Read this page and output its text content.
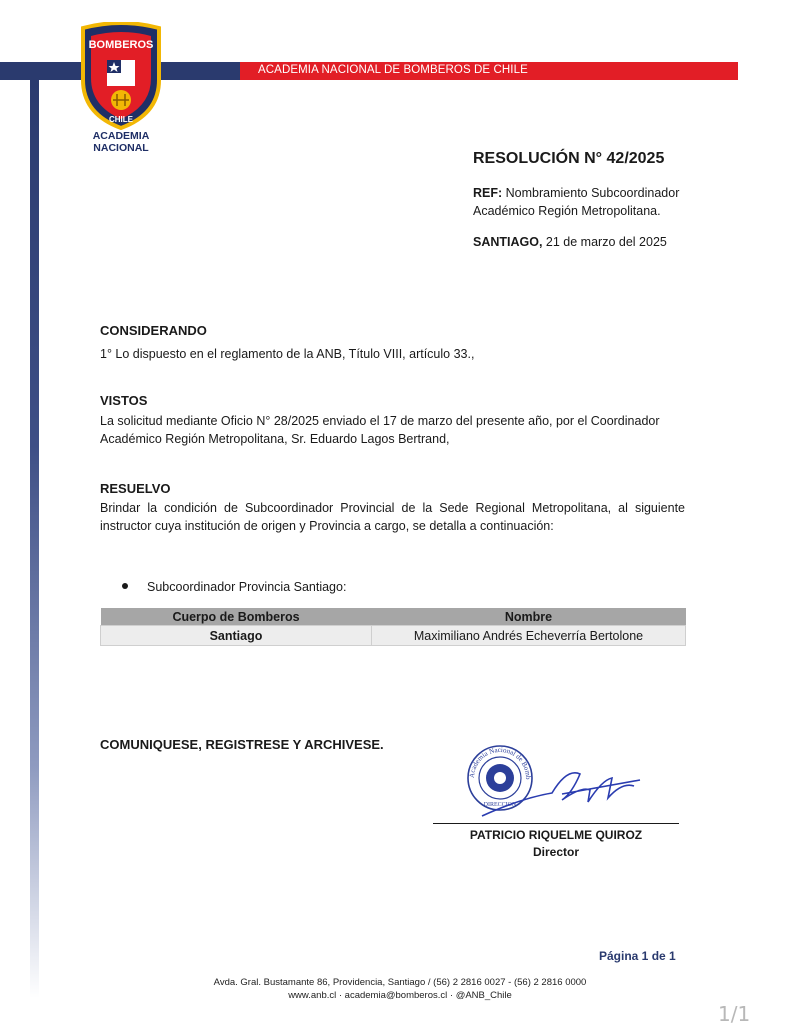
ACADEMIA NACIONAL DE BOMBEROS DE CHILE
BOMBEROS
CHILE
ACADEMIA NACIONAL
RESOLUCIÓN N° 42/2025
REF: Nombramiento Subcoordinador Académico Región Metropolitana.
SANTIAGO, 21 de marzo del 2025
CONSIDERANDO
1° Lo dispuesto en el reglamento de la ANB, Título VIII, artículo 33.,
VISTOS
La solicitud mediante Oficio N° 28/2025 enviado el 17 de marzo del presente año, por el Coordinador Académico Región Metropolitana, Sr. Eduardo Lagos Bertrand,
RESUELVO
Brindar la condición de Subcoordinador Provincial de la Sede Regional Metropolitana, al siguiente instructor cuya institución de origen y Provincia a cargo, se detalla a continuación:
Subcoordinador Provincia Santiago:
Cuerpo de Bomberos	Nombre
Santiago	Maximiliano Andrés Echeverría Bertolone
COMUNIQUESE, REGISTRESE Y ARCHIVESE.
Academia Nacional de Bomb
DIRECCION
PATRICIO RIQUELME QUIROZ
Director
Página 1 de 1
Avda. Gral. Bustamante 86, Providencia, Santiago / (56) 2 2816 0027 - (56) 2 2816 0000
www.anb.cl · academia@bomberos.cl · @ANB_Chile
1/1
